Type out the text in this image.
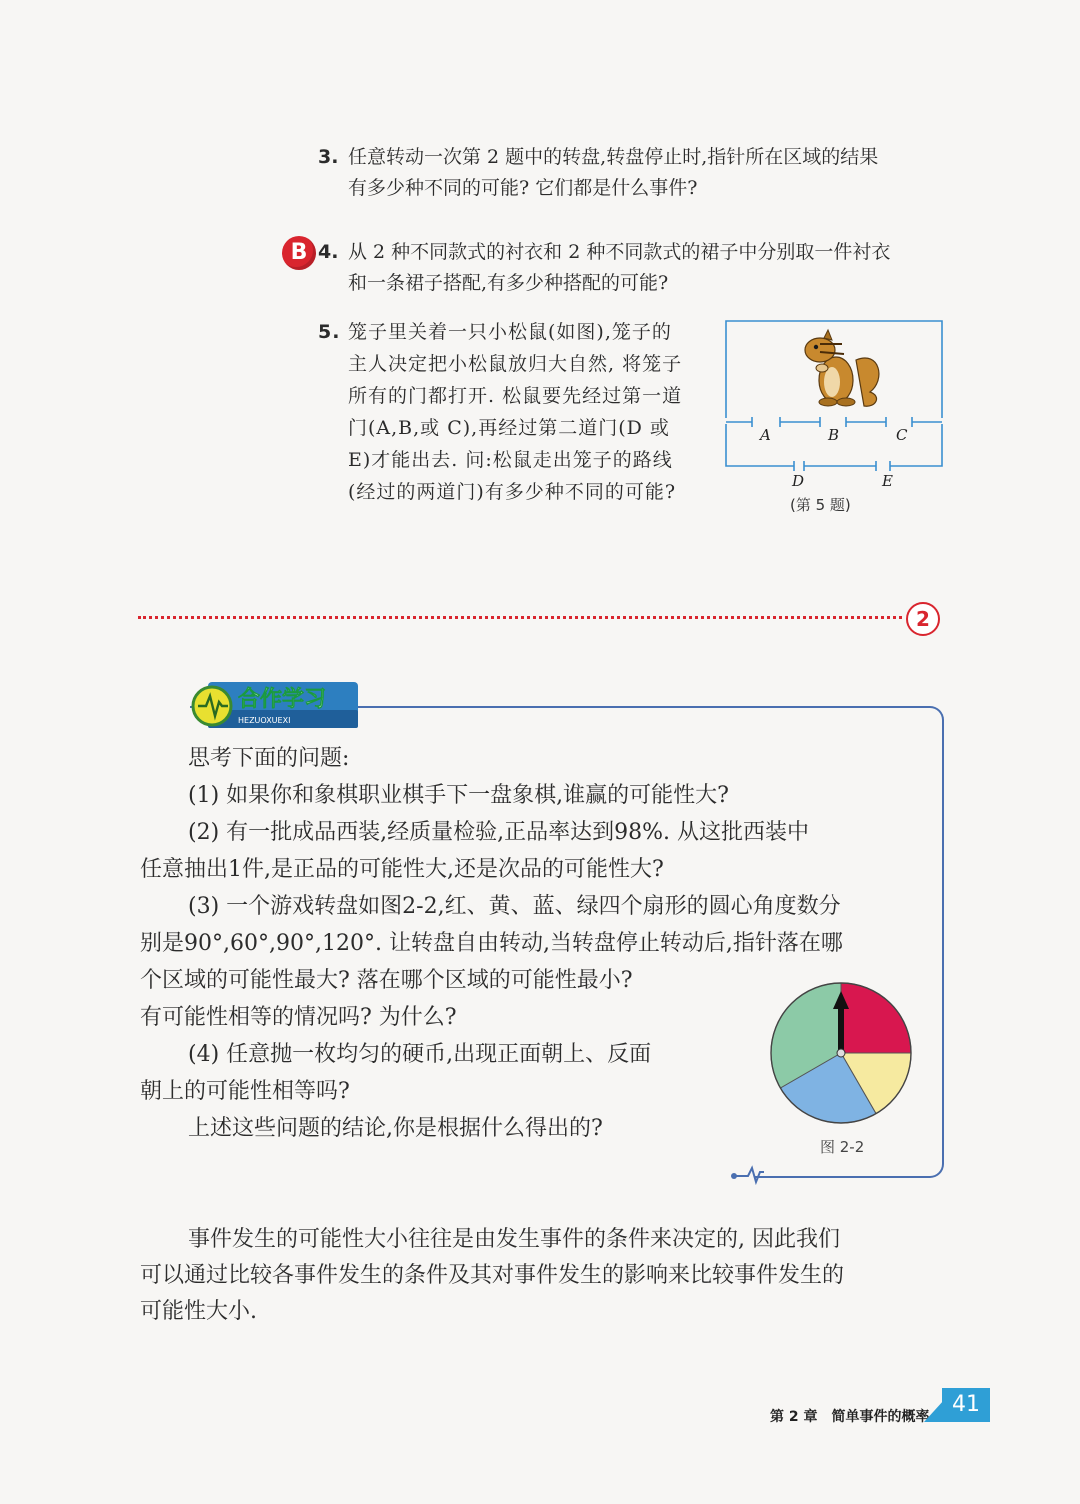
3. 任意转动一次第 2 题中的转盘,转盘停止时,指针所在区域的结果
有多少种不同的可能? 它们都是什么事件?
B 4. 从 2 种不同款式的衬衣和 2 种不同款式的裙子中分别取一件衬衣
和一条裙子搭配,有多少种搭配的可能?
5. 笼子里关着一只小松鼠(如图),笼子的
主人决定把小松鼠放归大自然, 将笼子
所有的门都打开. 松鼠要先经过第一道
门(A,B,或 C),再经过第二道门(D 或
E)才能出去. 问:松鼠走出笼子的路线
(经过的两道门)有多少种不同的可能?
A	B	C
D	E
(第 5 题)
2
合作学习
HEZUOXUEXI

思考下面的问题:

(1) 如果你和象棋职业棋手下一盘象棋,谁赢的可能性大?

(2) 有一批成品西装,经质量检验,正品率达到98%. 从这批西装中

任意抽出1件,是正品的可能性大,还是次品的可能性大?

(3) 一个游戏转盘如图2-2,红、黄、蓝、绿四个扇形的圆心角度数分

别是90°,60°,90°,120°. 让转盘自由转动,当转盘停止转动后,指针落在哪

个区域的可能性最大? 落在哪个区域的可能性最小?

有可能性相等的情况吗? 为什么?

(4) 任意抛一枚均匀的硬币,出现正面朝上、反面

朝上的可能性相等吗?

上述这些问题的结论,你是根据什么得出的?

图 2-2

事件发生的可能性大小往往是由发生事件的条件来决定的, 因此我们

可以通过比较各事件发生的条件及其对事件发生的影响来比较事件发生的

可能性大小.

第 2 章 简单事件的概率	41
